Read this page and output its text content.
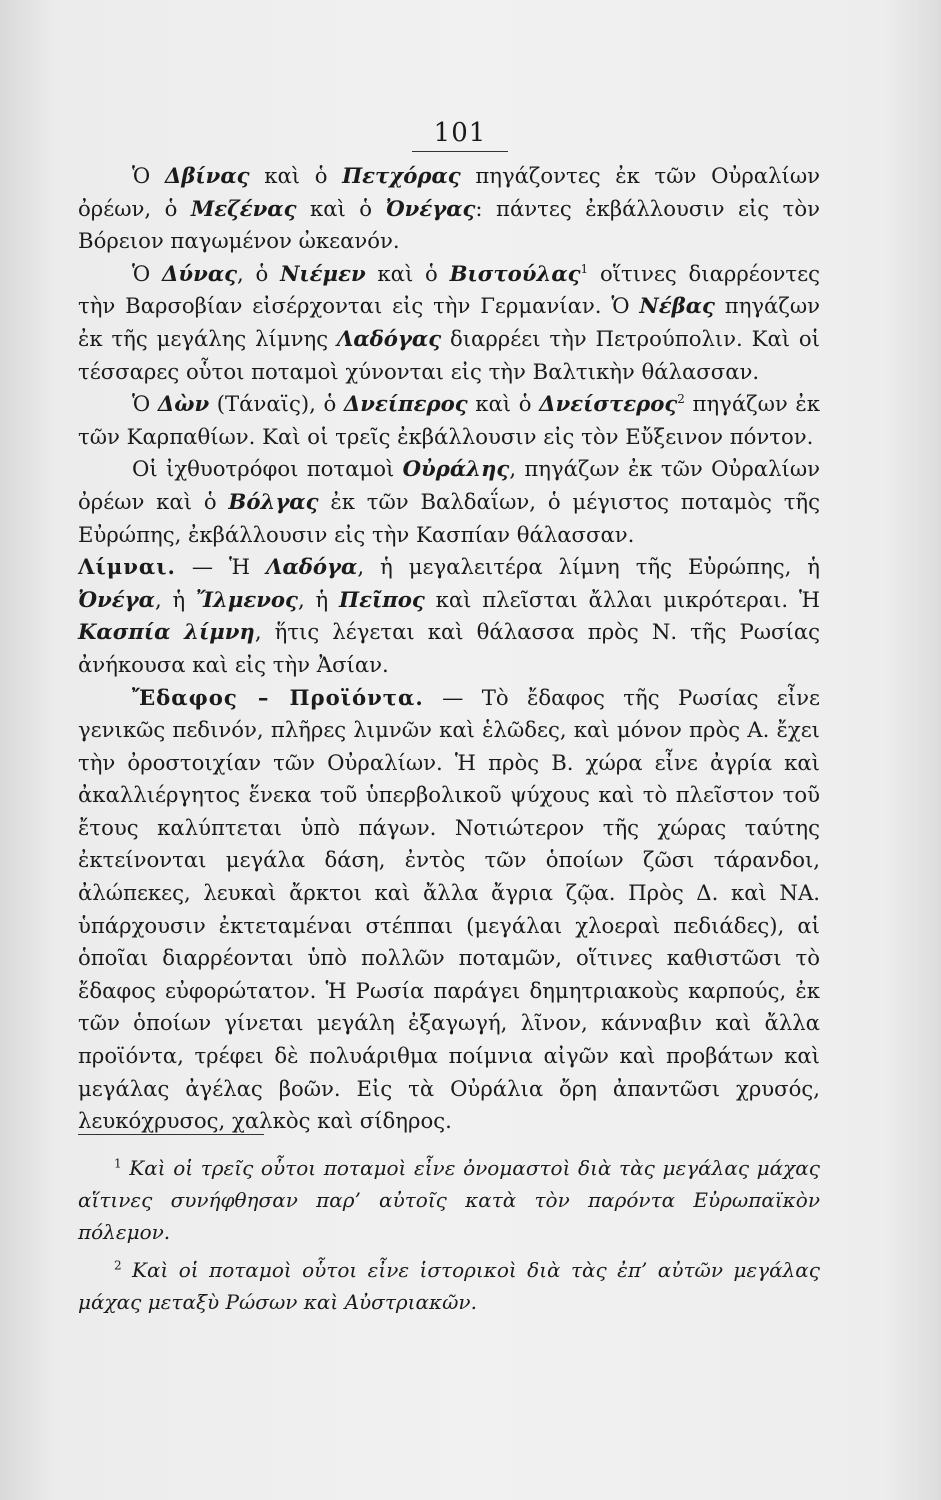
101

Ὁ Δβίνας καὶ ὁ Πετχόρας πηγάζοντες ἐκ τῶν Οὐραλίων ὀρέων, ὁ Μεζένας καὶ ὁ Ὀνέγας: πάντες ἐκβάλλουσιν εἰς τὸν Βόρειον παγωμένον ὠκεανόν.

Ὁ Δύνας, ὁ Νιέμεν καὶ ὁ Βιστούλας$^1$ οἵτινες διαρρέοντες τὴν Βαρσοβίαν εἰσέρχονται εἰς τὴν Γερμανίαν. Ὁ Νέβας πηγάζων ἐκ τῆς μεγάλης λίμνης Λαδόγας διαρρέει τὴν Πετρούπολιν. Καὶ οἱ τέσσαρες οὗτοι ποταμοὶ χύνονται εἰς τὴν Βαλτικὴν θάλασσαν.

Ὁ Δὼν (Τάναϊς), ὁ Δνείπερος καὶ ὁ Δνείστερος$^2$ πηγάζων ἐκ τῶν Καρπαθίων. Καὶ οἱ τρεῖς ἐκβάλλουσιν εἰς τὸν Εὔξεινον πόντον.

Οἱ ἰχθυοτρόφοι ποταμοὶ Οὐράλης, πηγάζων ἐκ τῶν Οὐραλίων ὀρέων καὶ ὁ Βόλγας ἐκ τῶν Βαλδαΐων, ὁ μέγιστος ποταμὸς τῆς Εὐρώπης, ἐκβάλλουσιν εἰς τὴν Κασπίαν θάλασσαν.

Λίμναι. — Ἡ Λαδόγα, ἡ μεγαλειτέρα λίμνη τῆς Εὐρώπης, ἡ Ὀνέγα, ἡ Ἴλμενος, ἡ Πεῖπος καὶ πλεῖσται ἄλλαι μικρότεραι. Ἡ Κασπία λίμνη, ἥτις λέγεται καὶ θάλασσα πρὸς Ν. τῆς Ρωσίας ἀνήκουσα καὶ εἰς τὴν Ἀσίαν.

Ἔδαφος – Προϊόντα. — Τὸ ἔδαφος τῆς Ρωσίας εἶνε γενικῶς πεδινόν, πλῆρες λιμνῶν καὶ ἑλῶδες, καὶ μόνον πρὸς Α. ἔχει τὴν ὀροστοιχίαν τῶν Οὐραλίων. Ἡ πρὸς Β. χώρα εἶνε ἀγρία καὶ ἀκαλλιέργητος ἕνεκα τοῦ ὑπερβολικοῦ ψύχους καὶ τὸ πλεῖστον τοῦ ἔτους καλύπτεται ὑπὸ πάγων. Νοτιώτερον τῆς χώρας ταύτης ἐκτείνονται μεγάλα δάση, ἐντὸς τῶν ὁποίων ζῶσι τάρανδοι, ἀλώπεκες, λευκαὶ ἄρκτοι καὶ ἄλλα ἄγρια ζῷα. Πρὸς Δ. καὶ ΝΑ. ὑπάρχουσιν ἐκτεταμέναι στέππαι (μεγάλαι χλοεραὶ πεδιάδες), αἱ ὁποῖαι διαρρέονται ὑπὸ πολλῶν ποταμῶν, οἵτινες καθιστῶσι τὸ ἔδαφος εὐφορώτατον. Ἡ Ρωσία παράγει δημητριακοὺς καρπούς, ἐκ τῶν ὁποίων γίνεται μεγάλη ἐξαγωγή, λῖνον, κάνναβιν καὶ ἄλλα προϊόντα, τρέφει δὲ πολυάριθμα ποίμνια αἰγῶν καὶ προβάτων καὶ μεγάλας ἀγέλας βοῶν. Εἰς τὰ Οὐράλια ὄρη ἀπαντῶσι χρυσός, λευκόχρυσος, χαλκὸς καὶ σίδηρος.

$^1$ Καὶ οἱ τρεῖς οὗτοι ποταμοὶ εἶνε ὀνομαστοὶ διὰ τὰς μεγάλας μάχας αἵτινες συνήφθησαν παρ’ αὐτοῖς κατὰ τὸν παρόντα Εὐρωπαϊκὸν πόλεμον.

$^2$ Καὶ οἱ ποταμοὶ οὗτοι εἶνε ἱστορικοὶ διὰ τὰς ἐπ’ αὐτῶν μεγάλας μάχας μεταξὺ Ρώσων καὶ Αὐστριακῶν.
